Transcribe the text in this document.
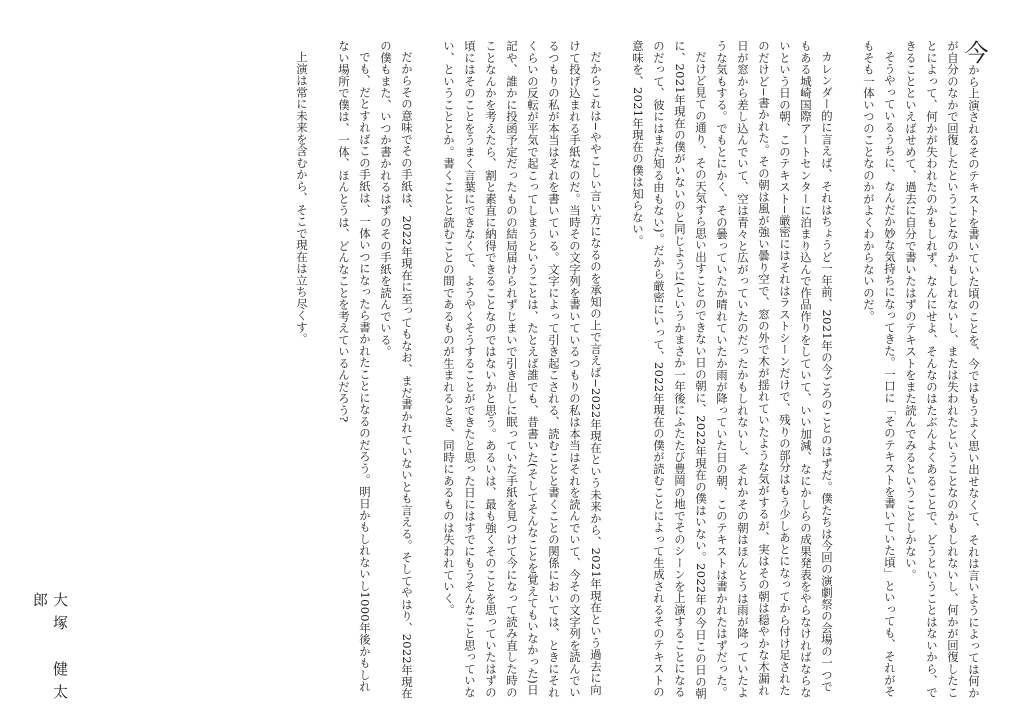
今から上演されるそのテキストを書いていた頃のことを、今ではもうよく思い出せなくて、それは言いようによっては何かが自分のなかで回復したということなのかもしれないし、または失われたということなのかもしれないし、何かが回復したことによって、何かが失われたのかもしれず、なんにせよ、そんなのはたぶんよくあることで、どうということはないから、できることといえばせめて、過去に自分で書いたはずのテキストをまた読んでみるということしかない。

そうやっているうちに、なんだか妙な気持ちになってきた。一口に「そのテキストを書いていた頃」といっても、それがそもそも一体いつのことなのかがよくわからないのだ。

カレンダー的に言えば、それはちょうど一年前、2021年の今ごろのことのはずだ。僕たちは今回の演劇祭の会場の一つでもある城崎国際アートセンターに泊まり込んで作品作りをしていて、いい加減、なにかしらの成果発表をやらなければならないという日の朝、このテキスト−厳密にはそれはラストシーンだけで、残りの部分はもう少しあとになってから付け足されたのだけど−書かれた。その朝は風が強い曇り空で、窓の外で木が揺れていたような気がするが、実はその朝は穏やかな木漏れ日が窓から差し込んでいて、空は青々と広がっていたのだったかもしれないし、それかその朝はほんとうは雨が降っていたような気もする。でもとにかく、その曇っていたか晴れていたか雨が降っていた日の朝、このテキストは書かれたはずだった。

だけど見ての通り、その天気すら思い出すことのできない日の朝に、2022年現在の僕はいない。2022年の今日この日の朝に、2021年現在の僕がいないのと同じように(というかまさか一年後にふたたび豊岡の地でそのシーンを上演することになるのだって、彼にはまだ知る由もない)。だから厳密にいって、2022年現在の僕が読むことによって生成されるそのテキストの意味を、2021年現在の僕は知らない。

だからこれは−ややこしい言い方になるのを承知の上で言えば−2022年現在という未来から、2021年現在という過去に向けて投げ込まれる手紙なのだ。当時その文字列を書いているつもりの私は本当はそれを読んでいて、今その文字列を読んでいるつもりの私が本当はそれを書いている。文字によって引き起こされる、読むことと書くことの関係においては、ときにそれくらいの反転が平気で起こってしまうということは、たとえば誰でも、昔書いた(そしてそんなことを覚えてもいなかった)日記や、誰かに投函予定だったものの結局届けられずじまいで引き出しに眠っていた手紙を見つけて今になって読み直した時のことなんかを考えたら、割と素直に納得できることなのではないかと思う。あるいは、最も強くそのことを思っていたはずの頃にはそのことをうまく言葉にできなくて、ようやくそうすることができたと思った日にはすでにもうそんなこと思っていない、ということとか。書くことと読むことの間であるものが生まれるとき、同時にあるものは失われていく。

だからその意味でその手紙は、2022年現在に至ってもなお、まだ書かれていないとも言える。そしてやはり、2022年現在の僕もまた、いつか書かれるはずのその手紙を読んでいる。

でも、だとすればこの手紙は、一体いつになったら書かれたことになるのだろう。明日かもしれないし1000年後かもしれない場所で僕は、一体、ほんとうは、どんなことを考えているんだろう?

上演は常に未来を含むから、そこで現在は立ち尽くす。

大塚　健太郎
